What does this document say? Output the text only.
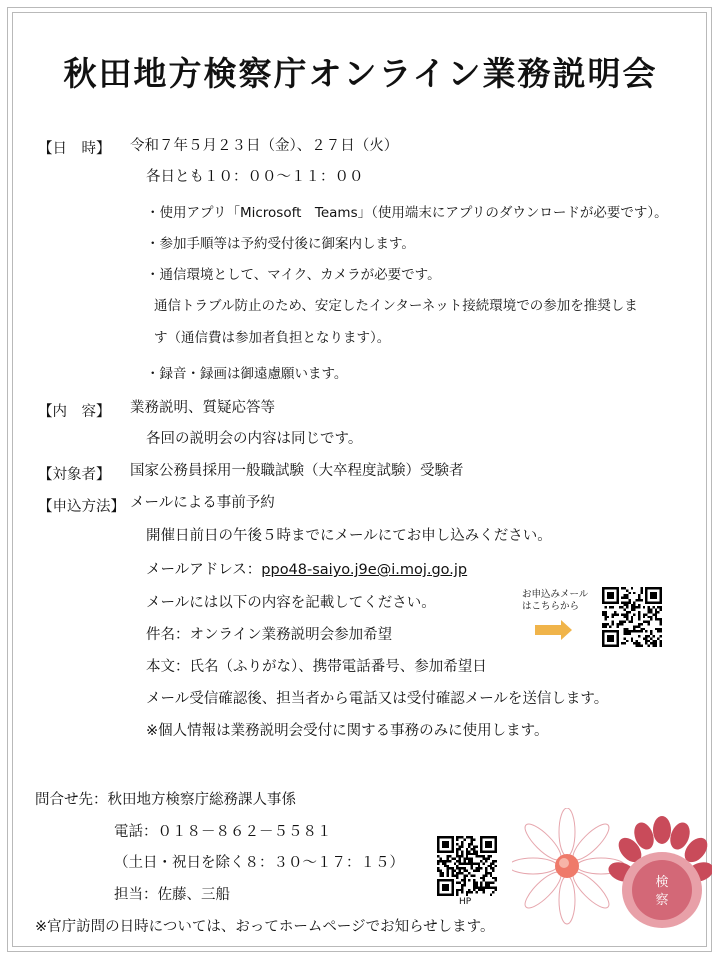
秋田地方検察庁オンライン業務説明会
【日　時】 令和７年５月２３日（金）、２７日（火）
各日とも１０：００～１１：００
・使用アプリ「Microsoft　Teams」（使用端末にアプリのダウンロードが必要です）。
・参加手順等は予約受付後に御案内します。
・通信環境として、マイク、カメラが必要です。
通信トラブル防止のため、安定したインターネット接続環境での参加を推奨しま
す（通信費は参加者負担となります）。
・録音・録画は御遠慮願います。
【内　容】 業務説明、質疑応答等
各回の説明会の内容は同じです。
【対象者】 国家公務員採用一般職試験（大卒程度試験）受験者
【申込方法】 メールによる事前予約
開催日前日の午後５時までにメールにてお申し込みください。
メールアドレス：ppo48-saiyo.j9e@i.moj.go.jp
メールには以下の内容を記載してください。
件名：オンライン業務説明会参加希望
本文：氏名（ふりがな）、携帯電話番号、参加希望日
メール受信確認後、担当者から電話又は受付確認メールを送信します。
※個人情報は業務説明会受付に関する事務のみに使用します。
お申込みメール
はこちらから
問合せ先：秋田地方検察庁総務課人事係
電話：０１８－８６２－５５８１
（土日・祝日を除く８：３０～１７：１５）
担当：佐藤、三船	HP
※官庁訪問の日時については、おってホームページでお知らせします。
検
察
